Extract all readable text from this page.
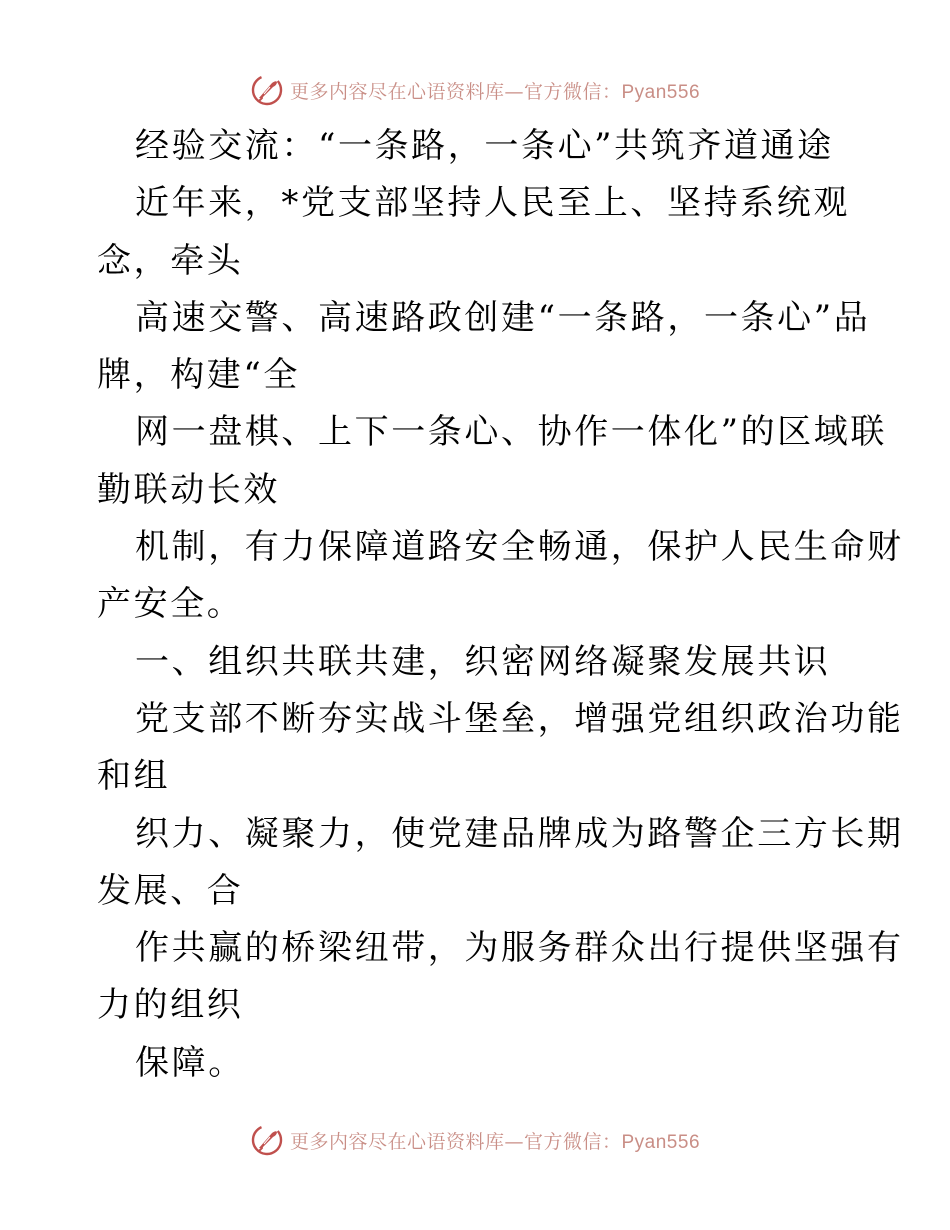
更多内容尽在心语资料库—官方微信：Pyan556
经验交流：“一条路，一条心”共筑齐道通途
近年来，*党支部坚持人民至上、坚持系统观
念，牵头
高速交警、高速路政创建“一条路，一条心”品
牌，构建“全
网一盘棋、上下一条心、协作一体化”的区域联
勤联动长效
机制，有力保障道路安全畅通，保护人民生命财
产安全。
一、组织共联共建，织密网络凝聚发展共识
党支部不断夯实战斗堡垒，增强党组织政治功能
和组
织力、凝聚力，使党建品牌成为路警企三方长期
发展、合
作共赢的桥梁纽带，为服务群众出行提供坚强有
力的组织
保障。
更多内容尽在心语资料库—官方微信：Pyan556
